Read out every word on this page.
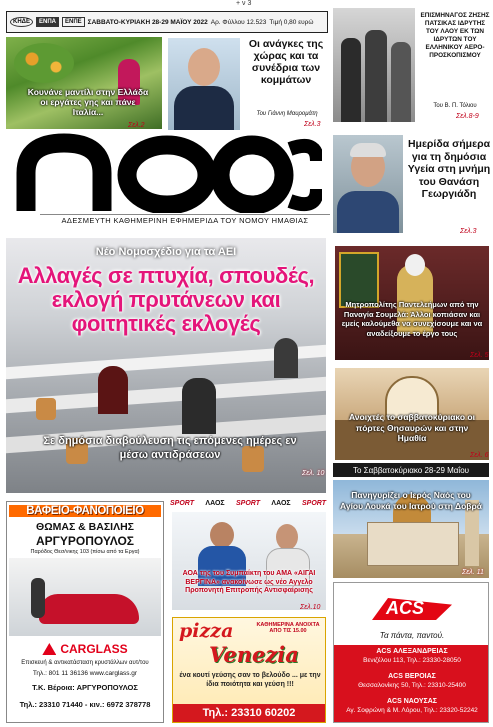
+ ν 3
ΚΗΔΕ	ΕΝΠΑ	ΕΝΠΕ ΣΑΒΒΑΤΟ-ΚΥΡΙΑΚΗ 28-29 ΜΑΪΟΥ 2022 Αρ. Φύλλου 12.523 Τιμή 0,80 ευρώ
Κουνάνε μαντίλι στην Ελλάδα οι εργάτες γης και πάνε Ιταλία...
Σελ.2
Οι ανάγκες της χώρας και τα συνέδρια των κομμάτων
Του Γιάννη Μαυρομάτη
Σελ.3
ΕΠΙΣΜΗΝΑΓΟΣ ΖΗΣΗΣ ΠΑΤΣΙΚΑΣ ΙΔΡΥΤΗΣ ΤΟΥ ΛΑΟΥ ΕΚ ΤΩΝ ΙΔΡΥΤΩΝ ΤΟΥ ΕΛΛΗΝΙΚΟΥ ΑΕΡΟ-ΠΡΟΣΚΟΠΙΣΜΟΥ
Του Β. Π. Τόλιου
Σελ.8-9
ΑΔΕΣΜΕΥΤΗ ΚΑΘΗΜΕΡΙΝΗ ΕΦΗΜΕΡΙΔΑ ΤΟΥ ΝΟΜΟΥ ΗΜΑΘΙΑΣ
Ημερίδα σήμερα για τη δημόσια Υγεία στη μνήμη του Θανάση Γεωργιάδη
Σελ.3
Νέο Νομοσχέδιο για τα ΑΕΙ
Αλλαγές σε πτυχία, σπουδές, εκλογή πρυτάνεων και φοιτητικές εκλογές
Σε δημόσια διαβούλευση τις επόμενες ημέρες εν μέσω αντιδράσεων
Σελ. 10
Μητροπολίτης Παντελεήμων από την Παναγία Σουμελά: Άλλοι κοπιάσαν και εμείς καλούμεθα να συνεχίσουμε και να αναδείξουμε το έργο τους
Σελ. 5
Ανοιχτές το σαββατοκύριακο οι πόρτες Θησαυρών και στην Ημαθία
Σελ. 6
Το Σαββατοκύριακο 28-29 Μαΐου
Πανηγυρίζει ο Ιερός Ναός του Αγίου Λουκά του Ιατρού στη Δοβρά
Σελ. 11
ΒΑΦΕΙΟ-ΦΑΝΟΠΟΙΕΙΟ
ΘΩΜΑΣ & ΒΑΣΙΛΗΣ
ΑΡΓΥΡΟΠΟΥΛΟΣ
Παρόδος Θεσ/νικης 103 (πίσω από τα Εργα)
CARGLASS
Επισκευή & αντικατάσταση κρυστάλλων αυτ/του
Τηλ.: 801 11 36136 www.carglass.gr
Τ.Κ. Βέροια: ΑΡΓΥΡΟΠΟΥΛΟΣ
Τηλ.: 23310 71440 - κιν.: 6972 378778
SPORT ΛΑΟΣ SPORT ΛΑΟΣ SPORT
ΑΟΑ της του Συμπαίκτη του ΑΜΑ «ΑΙΓΑΙ ΒΕΡΓΙΝΑ» ανακοίνωσε ως νέο Αγγελο Προπονητή Επιτροπής Αντισφαίρισης
Σελ.10
ΚΑΘΗΜΕΡΙΝΑ ΑΝΟΙΧΤΑ ΑΠΟ ΤΙΣ 15.00
pizza
Venezia
ένα κουτί γεύσης σαν το βελούδο ... με την ίδια ποιότητα και γεύση !!!
Τηλ.: 23310 60202
ACS
Τα πάντα, παντού.
ACS ΑΛΕΞΑΝΔΡΕΙΑΣ
Βενιζέλου 113, Τηλ.: 23330-28050
ACS ΒΕΡΟΙΑΣ
Θεσσαλονίκης 50, Τηλ.: 23310-25400
ACS ΝΑΟΥΣΑΣ
Αγ. Σοφρώνη & Μ. Λόρου, Τηλ.: 23320-52242
